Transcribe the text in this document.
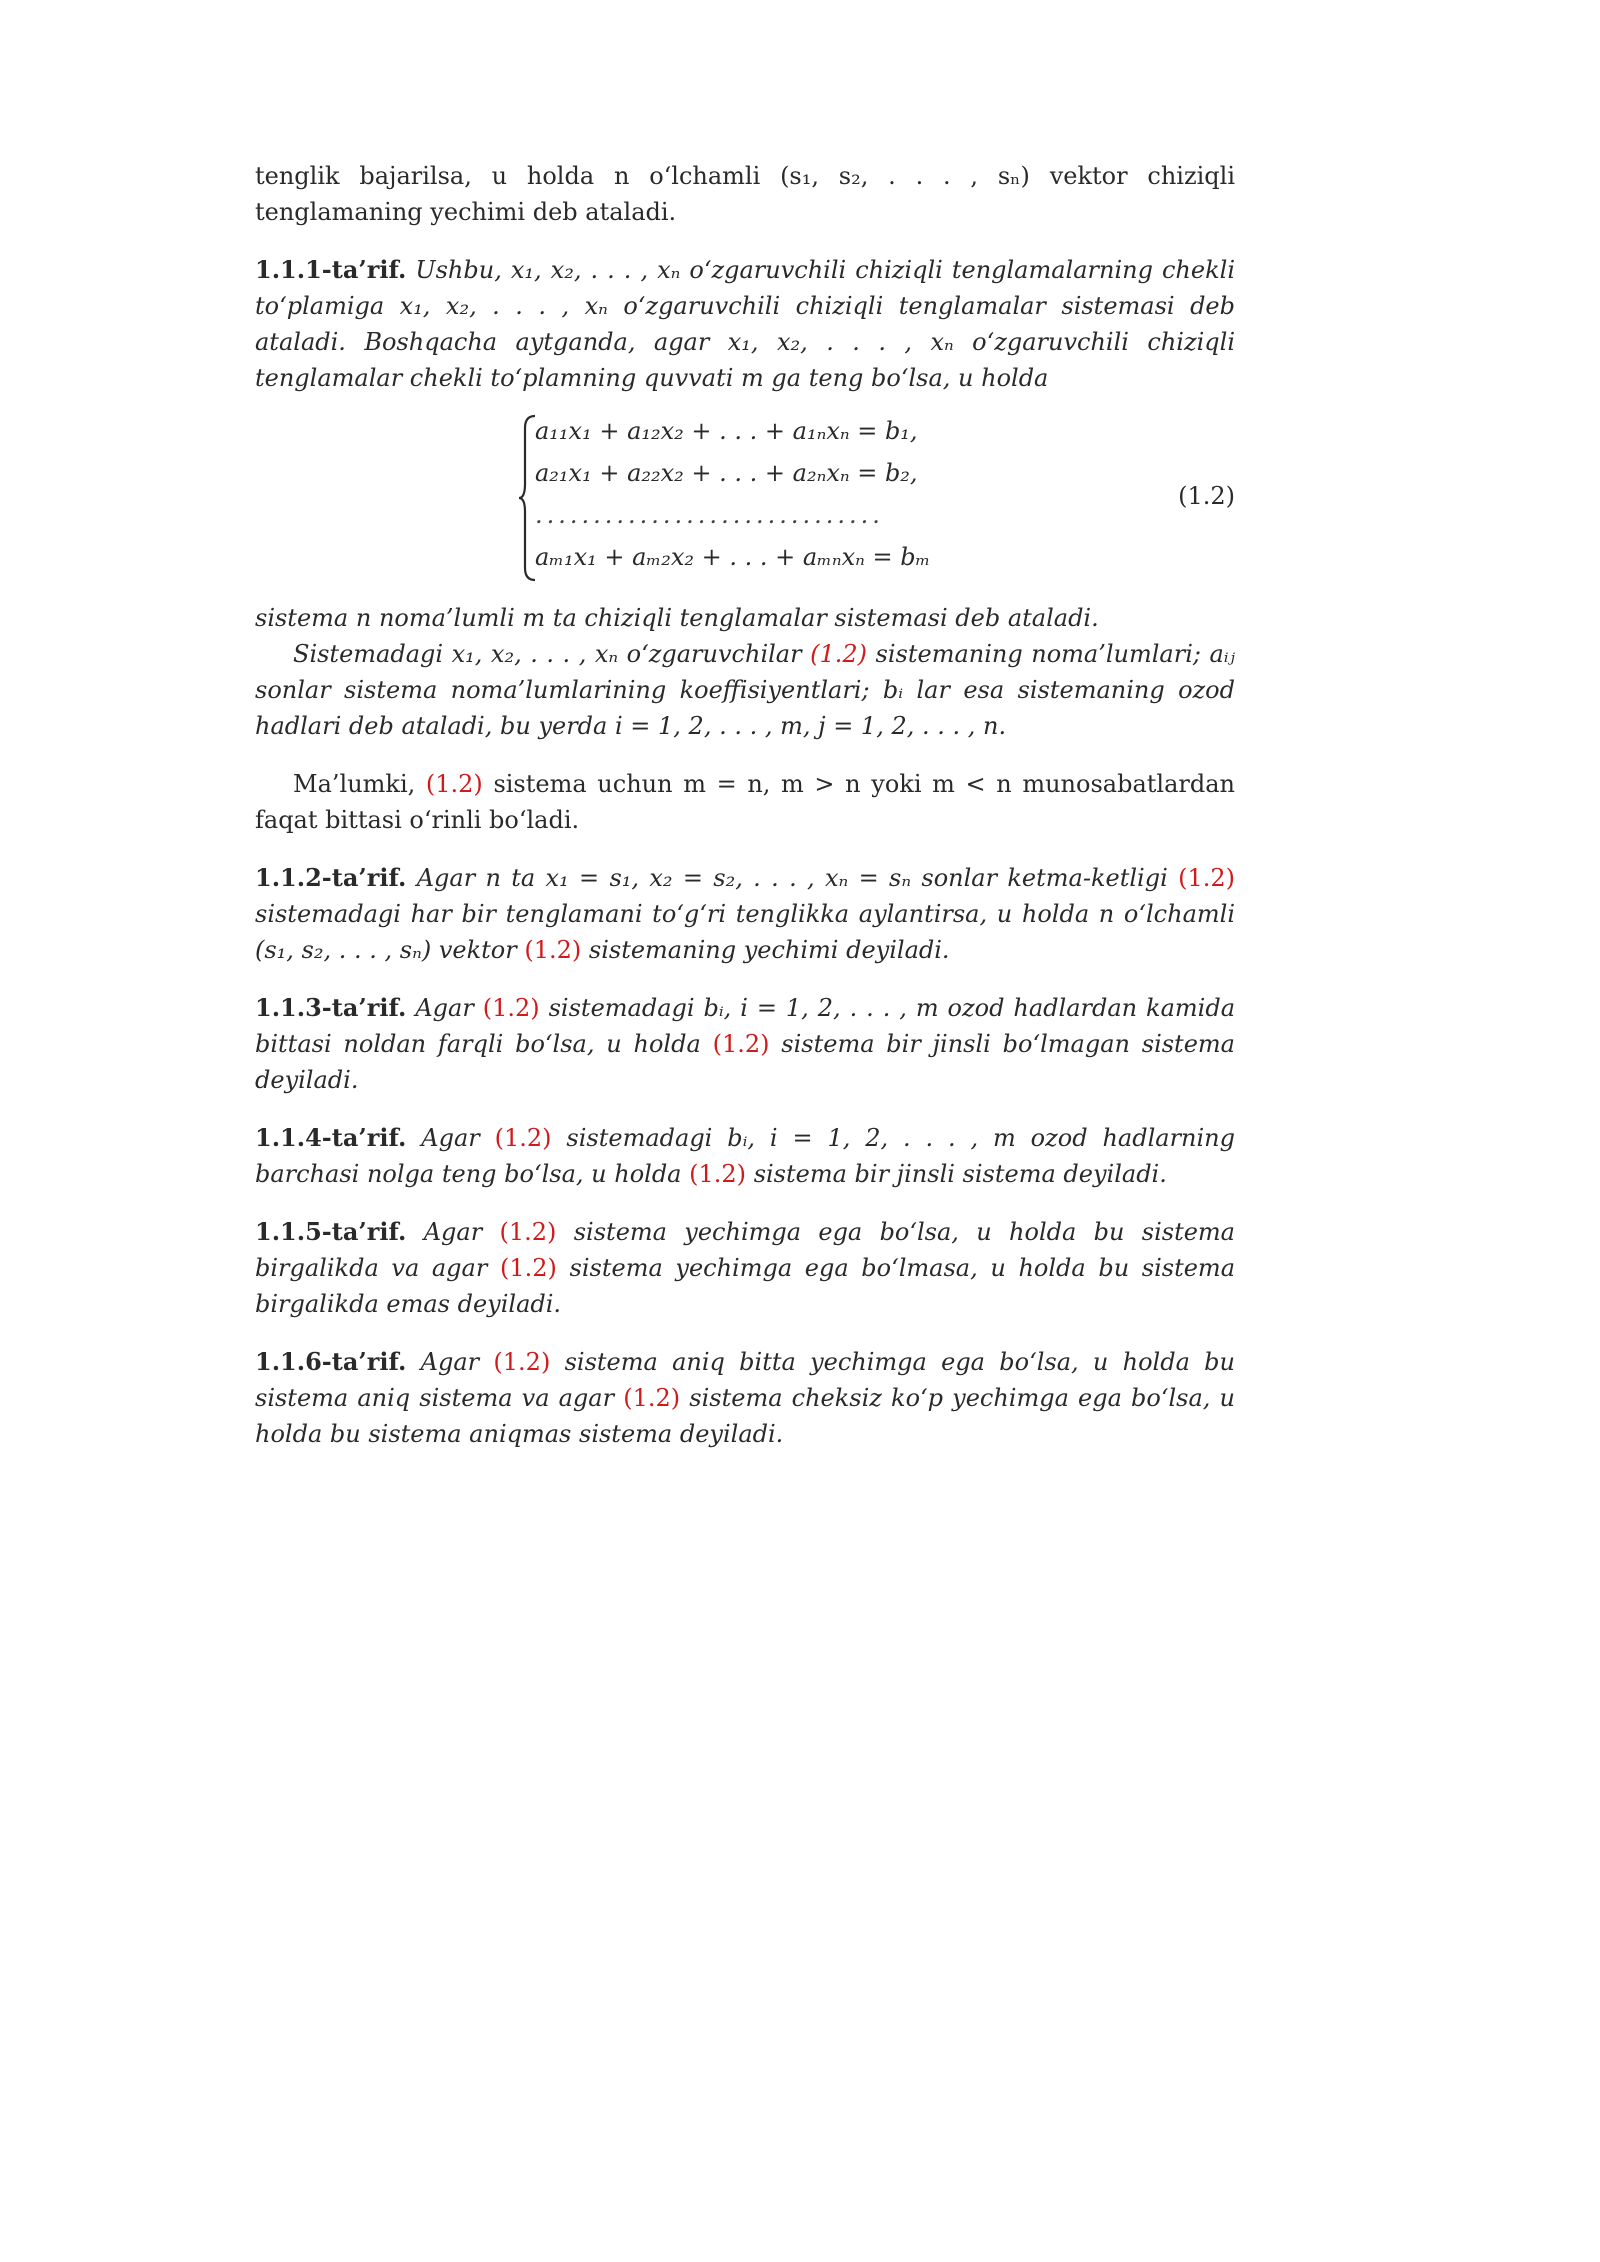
tenglik bajarilsa, u holda n o‘lchamli (s₁, s₂, . . . , sₙ) vektor chiziqli tenglamaning yechimi deb ataladi.

1.1.1-ta’rif. Ushbu, x₁, x₂, . . . , xₙ o‘zgaruvchili chiziqli tenglamalarning chekli to‘plamiga x₁, x₂, . . . , xₙ o‘zgaruvchili chiziqli tenglamalar sistemasi deb ataladi. Boshqacha aytganda, agar x₁, x₂, . . . , xₙ o‘zgaruvchili chiziqli tenglamalar chekli to‘plamning quvvati m ga teng bo‘lsa, u holda

a₁₁x₁ + a₁₂x₂ + . . . + a₁ₙxₙ = b₁,
a₂₁x₁ + a₂₂x₂ + . . . + a₂ₙxₙ = b₂,
..............................
aₘ₁x₁ + aₘ₂x₂ + . . . + aₘₙxₙ = bₘ
(1.2)

sistema n noma’lumli m ta chiziqli tenglamalar sistemasi deb ataladi.

Sistemadagi x₁, x₂, . . . , xₙ o‘zgaruvchilar (1.2) sistemaning noma’lumlari; aᵢⱼ sonlar sistema noma’lumlarining koeffisiyentlari; bᵢ lar esa sistemaning ozod hadlari deb ataladi, bu yerda i = 1, 2, . . . , m, j = 1, 2, . . . , n.

Ma’lumki, (1.2) sistema uchun m = n, m > n yoki m < n munosabatlardan faqat bittasi o‘rinli bo‘ladi.

1.1.2-ta’rif. Agar n ta x₁ = s₁, x₂ = s₂, . . . , xₙ = sₙ sonlar ketma-ketligi (1.2) sistemadagi har bir tenglamani to‘g‘ri tenglikka aylantirsa, u holda n o‘lchamli (s₁, s₂, . . . , sₙ) vektor (1.2) sistemaning yechimi deyiladi.

1.1.3-ta’rif. Agar (1.2) sistemadagi bᵢ, i = 1, 2, . . . , m ozod hadlardan kamida bittasi noldan farqli bo‘lsa, u holda (1.2) sistema bir jinsli bo‘lmagan sistema deyiladi.

1.1.4-ta’rif. Agar (1.2) sistemadagi bᵢ, i = 1, 2, . . . , m ozod hadlarning barchasi nolga teng bo‘lsa, u holda (1.2) sistema bir jinsli sistema deyiladi.

1.1.5-ta’rif. Agar (1.2) sistema yechimga ega bo‘lsa, u holda bu sistema birgalikda va agar (1.2) sistema yechimga ega bo‘lmasa, u holda bu sistema birgalikda emas deyiladi.

1.1.6-ta’rif. Agar (1.2) sistema aniq bitta yechimga ega bo‘lsa, u holda bu sistema aniq sistema va agar (1.2) sistema cheksiz ko‘p yechimga ega bo‘lsa, u holda bu sistema aniqmas sistema deyiladi.
